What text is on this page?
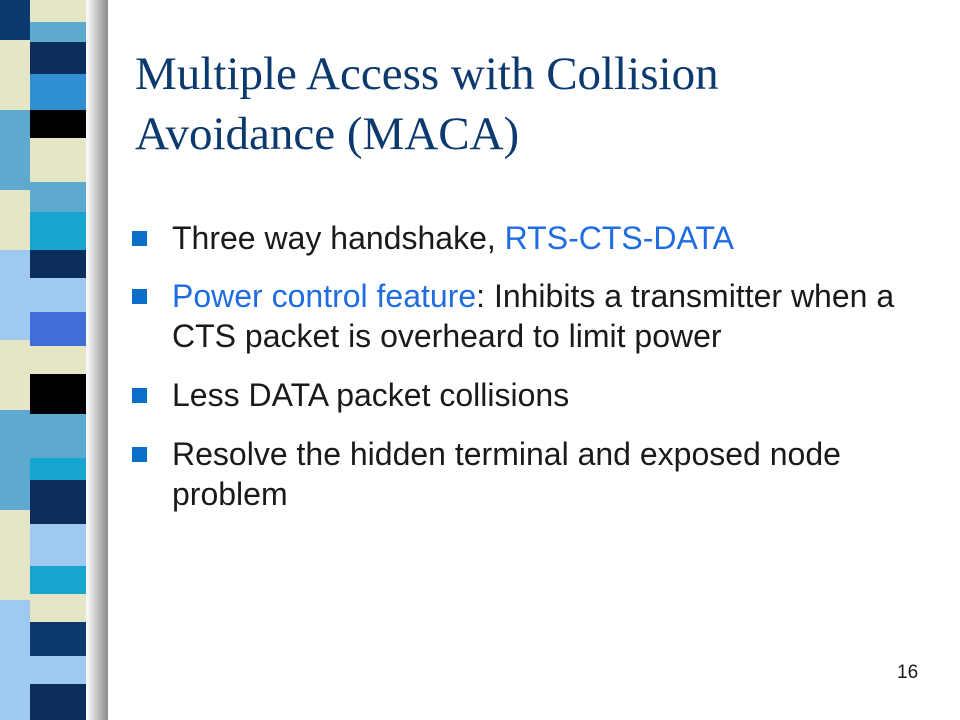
Multiple Access with Collision
Avoidance (MACA)
Three way handshake, RTS-CTS-DATA
Power control feature: Inhibits a transmitter when a CTS packet is overheard to limit power
Less DATA packet collisions
Resolve the hidden terminal and exposed node problem
16
